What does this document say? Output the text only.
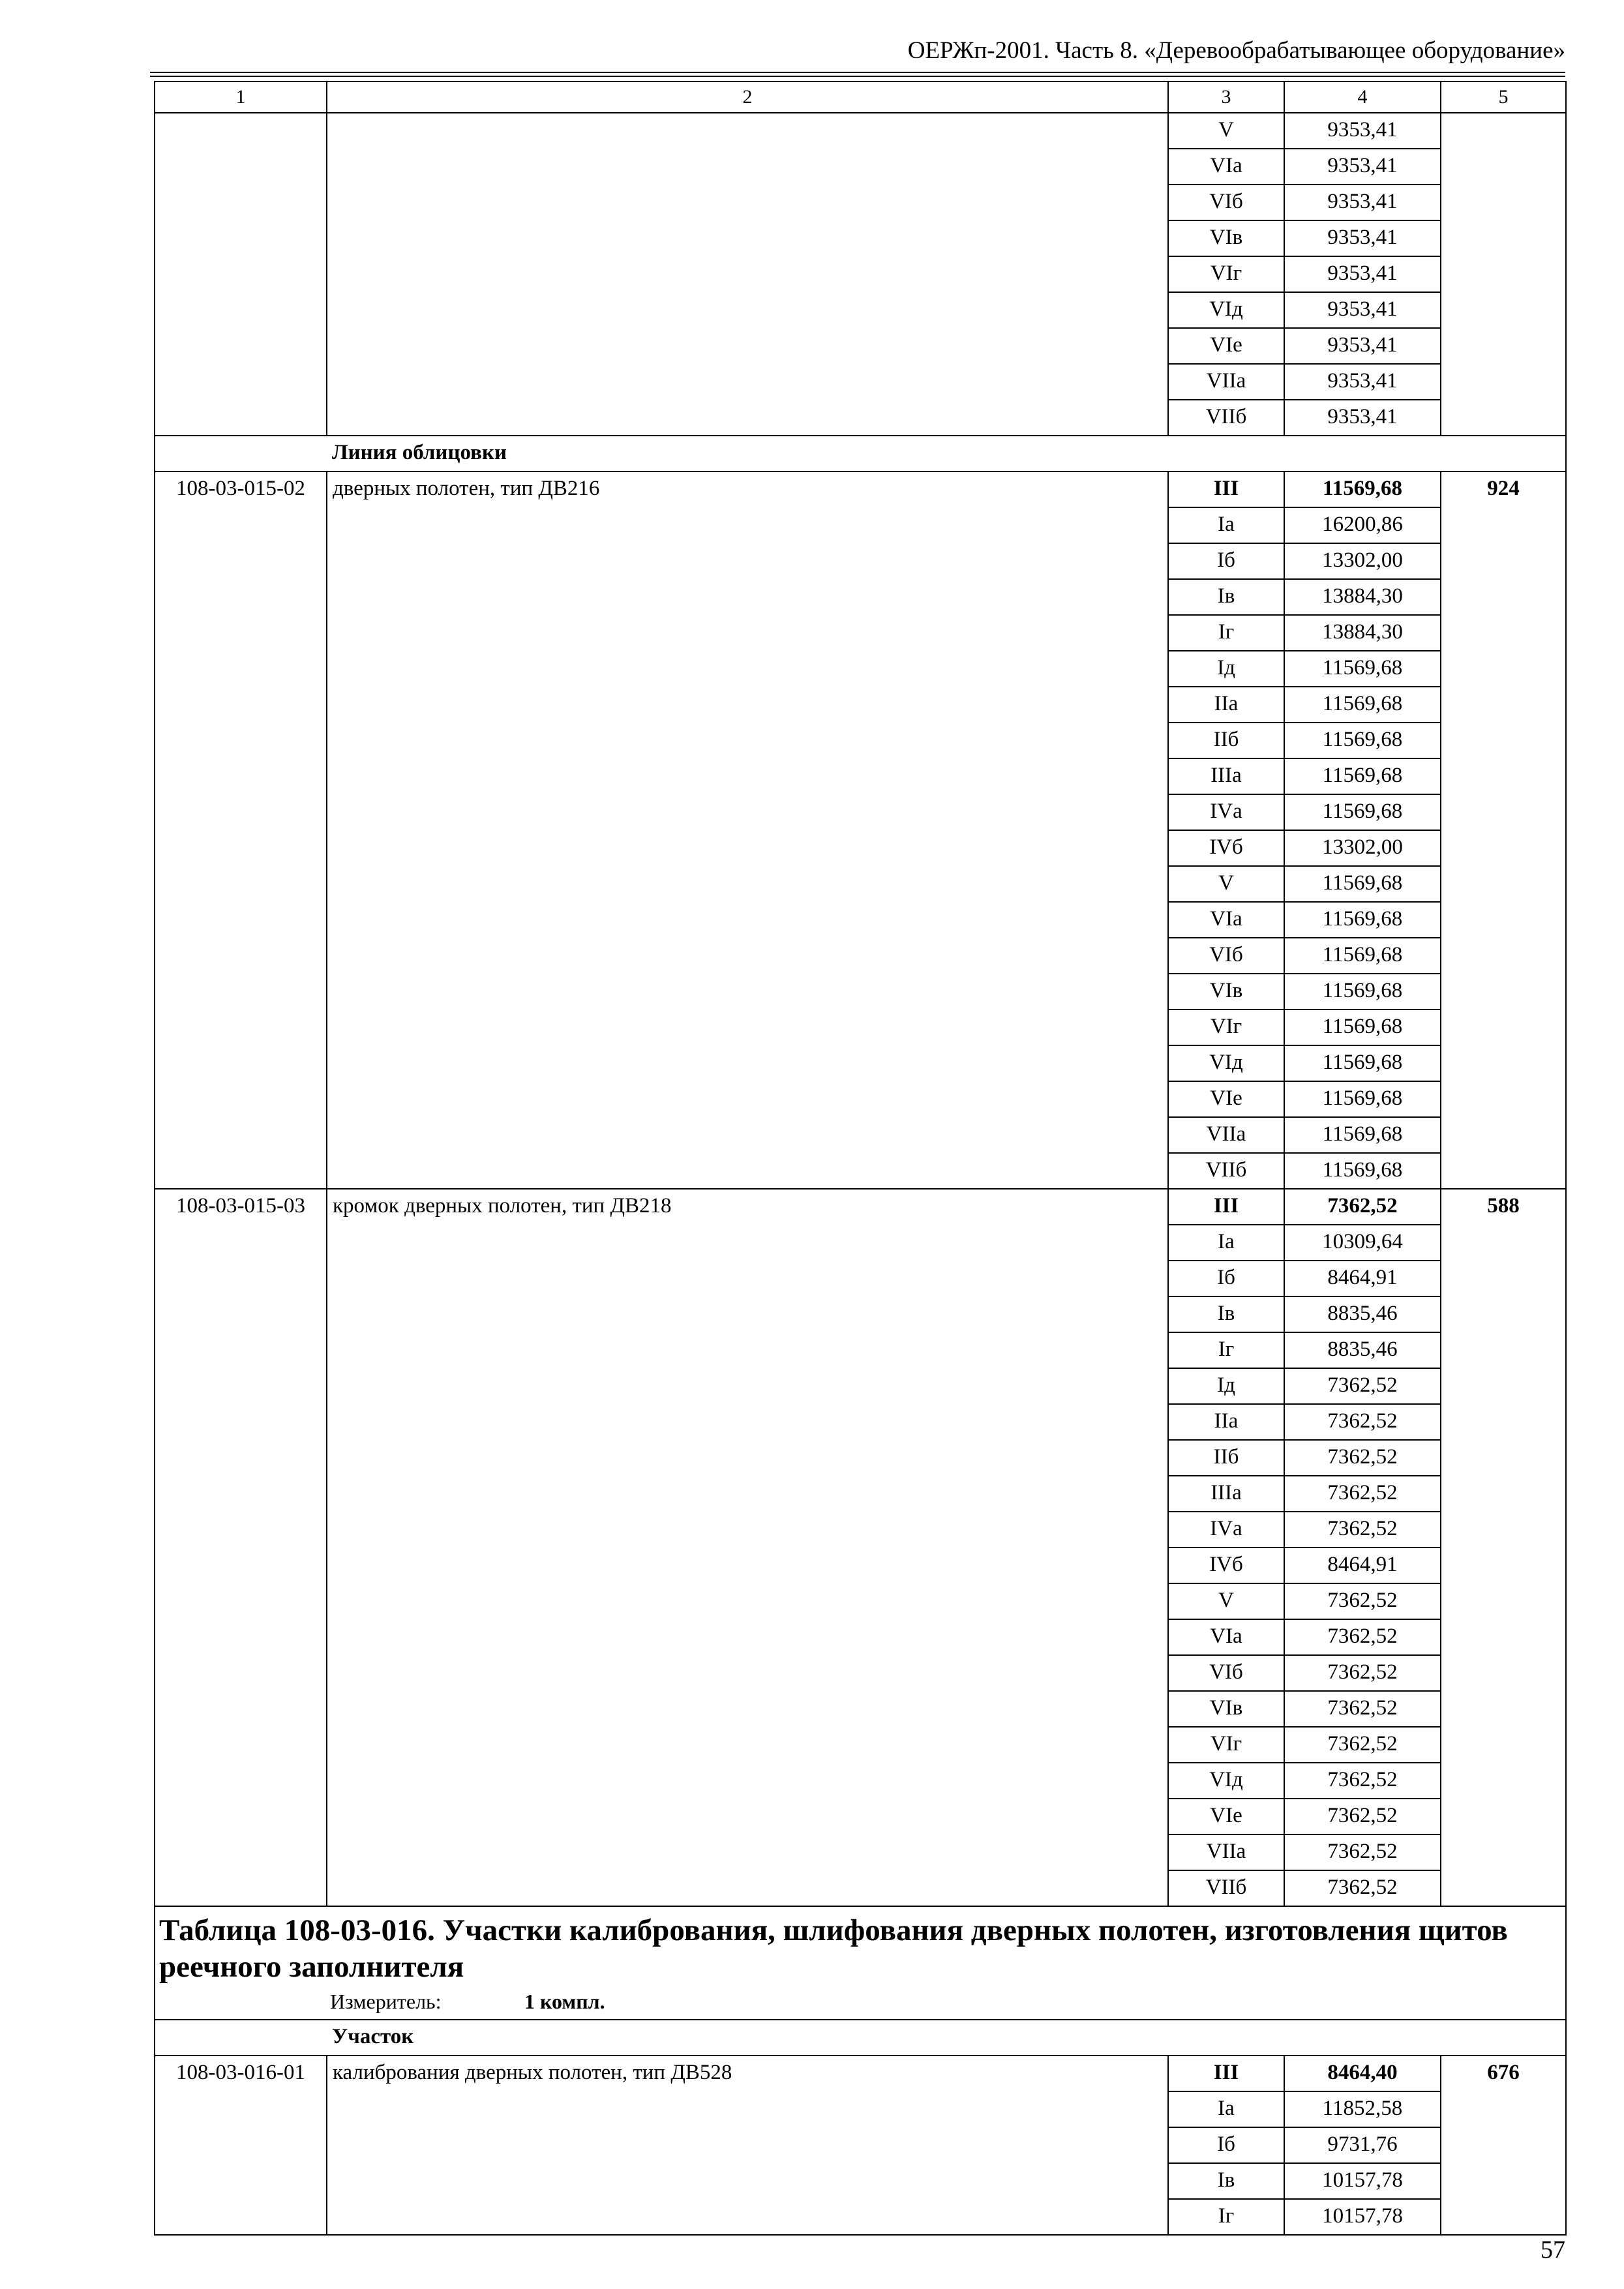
ОЕРЖп-2001. Часть 8. «Деревообрабатывающее оборудование»
1	2	3	4	5
		V	9353,41	
		VIа	9353,41	
		VIб	9353,41	
		VIв	9353,41	
		VIг	9353,41	
		VIд	9353,41	
		VIе	9353,41	
		VIIа	9353,41	
		VIIб	9353,41	
	Линия облицовки			
108-03-015-02	дверных полотен, тип ДВ216	III	11569,68	924
		Iа	16200,86	
		Iб	13302,00	
		Iв	13884,30	
		Iг	13884,30	
		Iд	11569,68	
		IIа	11569,68	
		IIб	11569,68	
		IIIа	11569,68	
		IVа	11569,68	
		IVб	13302,00	
		V	11569,68	
		VIа	11569,68	
		VIб	11569,68	
		VIв	11569,68	
		VIг	11569,68	
		VIд	11569,68	
		VIе	11569,68	
		VIIа	11569,68	
		VIIб	11569,68	
108-03-015-03	кромок дверных полотен, тип ДВ218	III	7362,52	588
		Iа	10309,64	
		Iб	8464,91	
		Iв	8835,46	
		Iг	8835,46	
		Iд	7362,52	
		IIа	7362,52	
		IIб	7362,52	
		IIIа	7362,52	
		IVа	7362,52	
		IVб	8464,91	
		V	7362,52	
		VIа	7362,52	
		VIб	7362,52	
		VIв	7362,52	
		VIг	7362,52	
		VIд	7362,52	
		VIе	7362,52	
		VIIа	7362,52	
		VIIб	7362,52	

Таблица 108-03-016. Участки калибрования, шлифования дверных полотен, изготовления щитов реечного заполнителя
Измеритель: 1 компл.				

	Участок			
108-03-016-01	калибрования дверных полотен, тип ДВ528	III	8464,40	676
		Iа	11852,58	
		Iб	9731,76	
		Iв	10157,78	
		Iг	10157,78	
57
